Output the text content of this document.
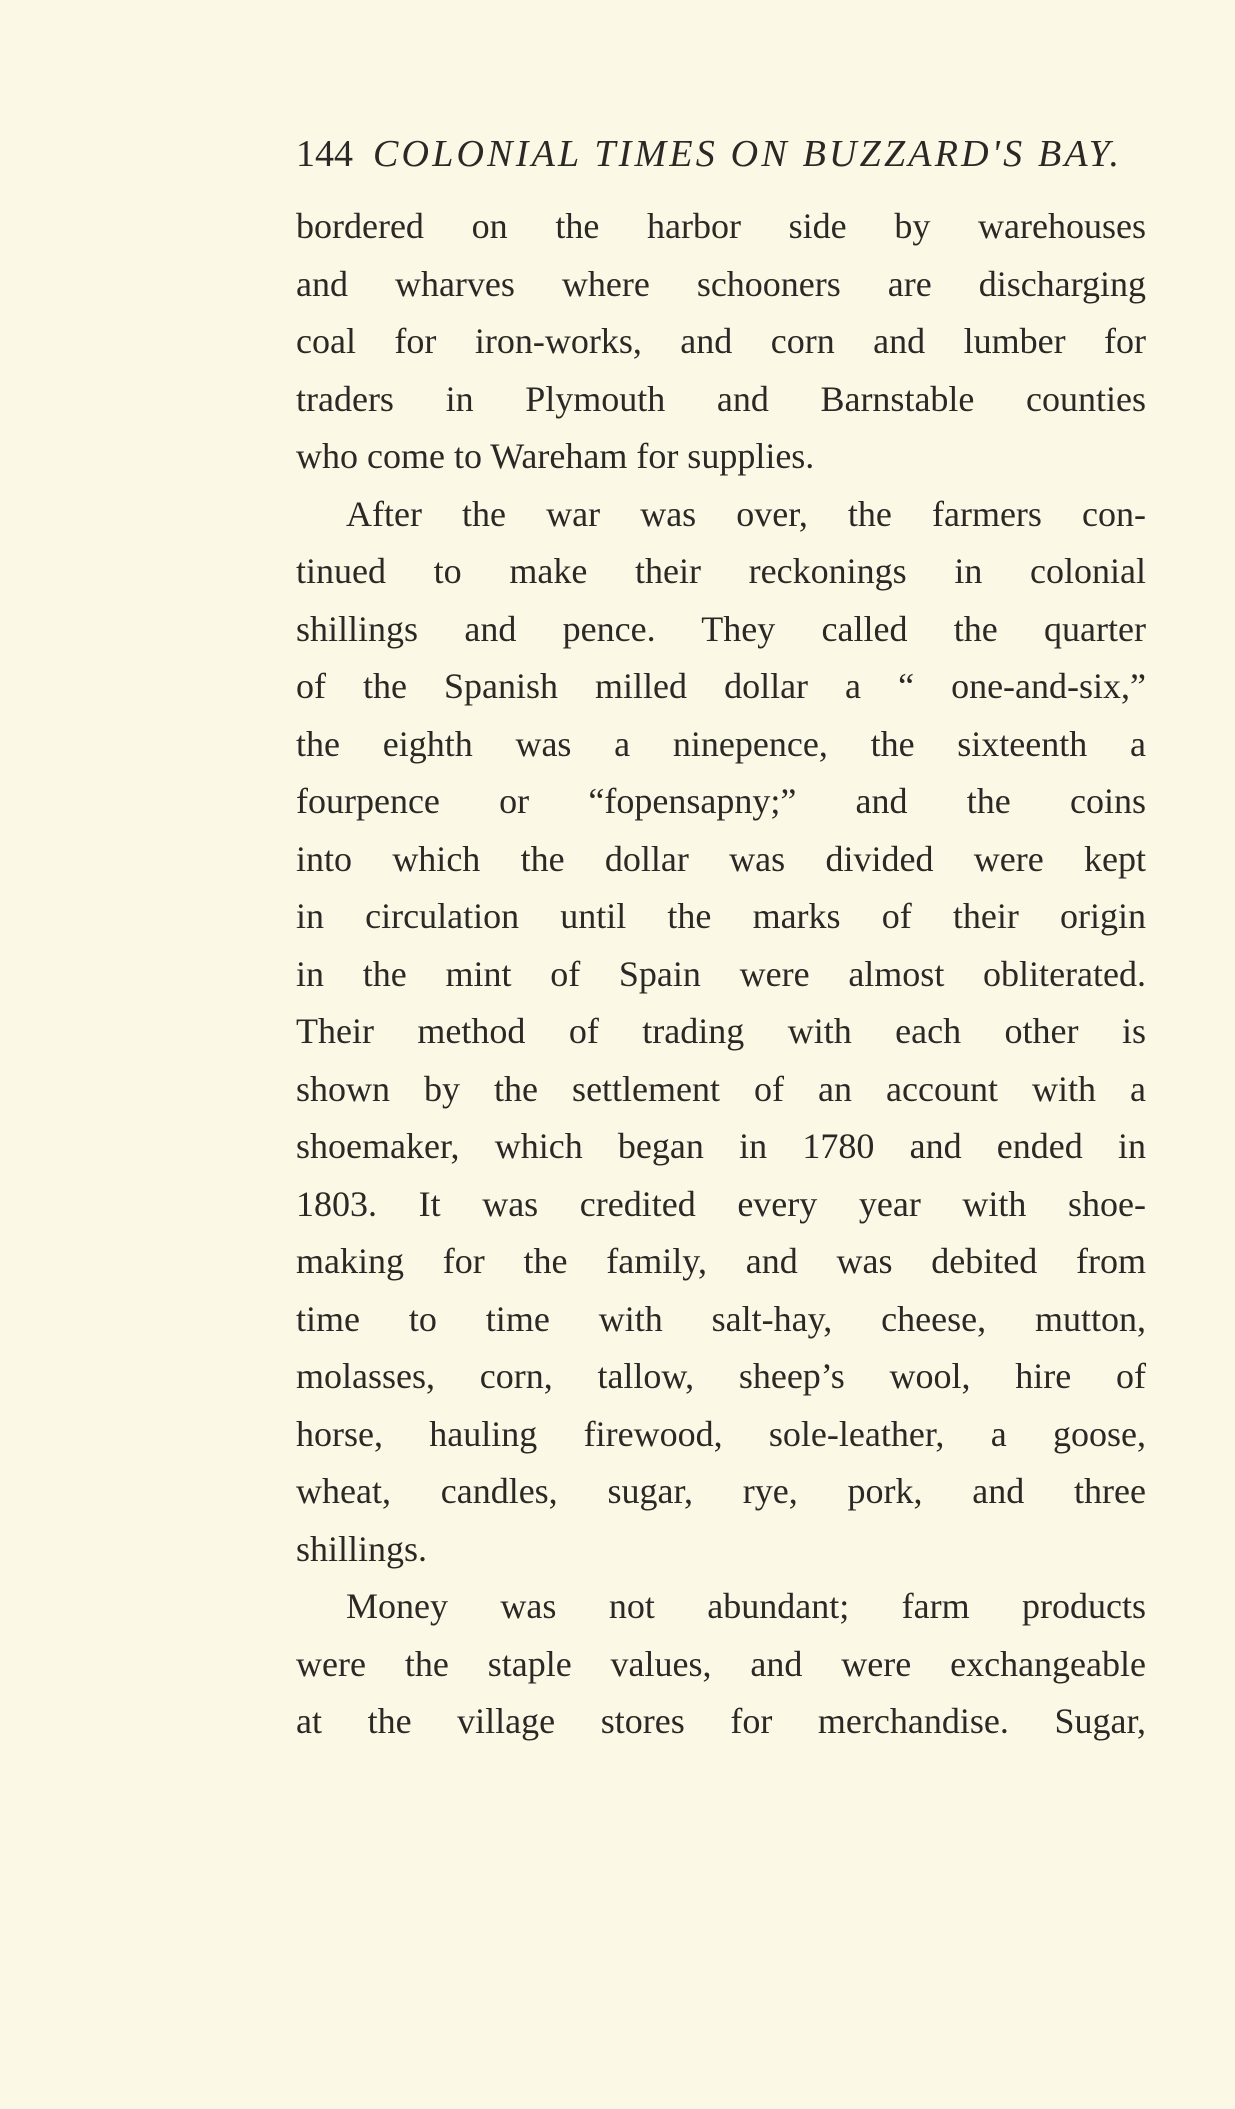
144 COLONIAL TIMES ON BUZZARD'S BAY.
bordered on the harbor side by warehouses
and wharves where schooners are discharging
coal for iron-works, and corn and lumber for
traders in Plymouth and Barnstable counties
who come to Wareham for supplies.
After the war was over, the farmers con-
tinued to make their reckonings in colonial
shillings and pence. They called the quarter
of the Spanish milled dollar a “ one-and-six,”
the eighth was a ninepence, the sixteenth a
fourpence or “fopensapny;” and the coins
into which the dollar was divided were kept
in circulation until the marks of their origin
in the mint of Spain were almost obliterated.
Their method of trading with each other is
shown by the settlement of an account with a
shoemaker, which began in 1780 and ended in
1803. It was credited every year with shoe-
making for the family, and was debited from
time to time with salt-hay, cheese, mutton,
molasses, corn, tallow, sheep’s wool, hire of
horse, hauling firewood, sole-leather, a goose,
wheat, candles, sugar, rye, pork, and three
shillings.
Money was not abundant; farm products
were the staple values, and were exchangeable
at the village stores for merchandise. Sugar,
